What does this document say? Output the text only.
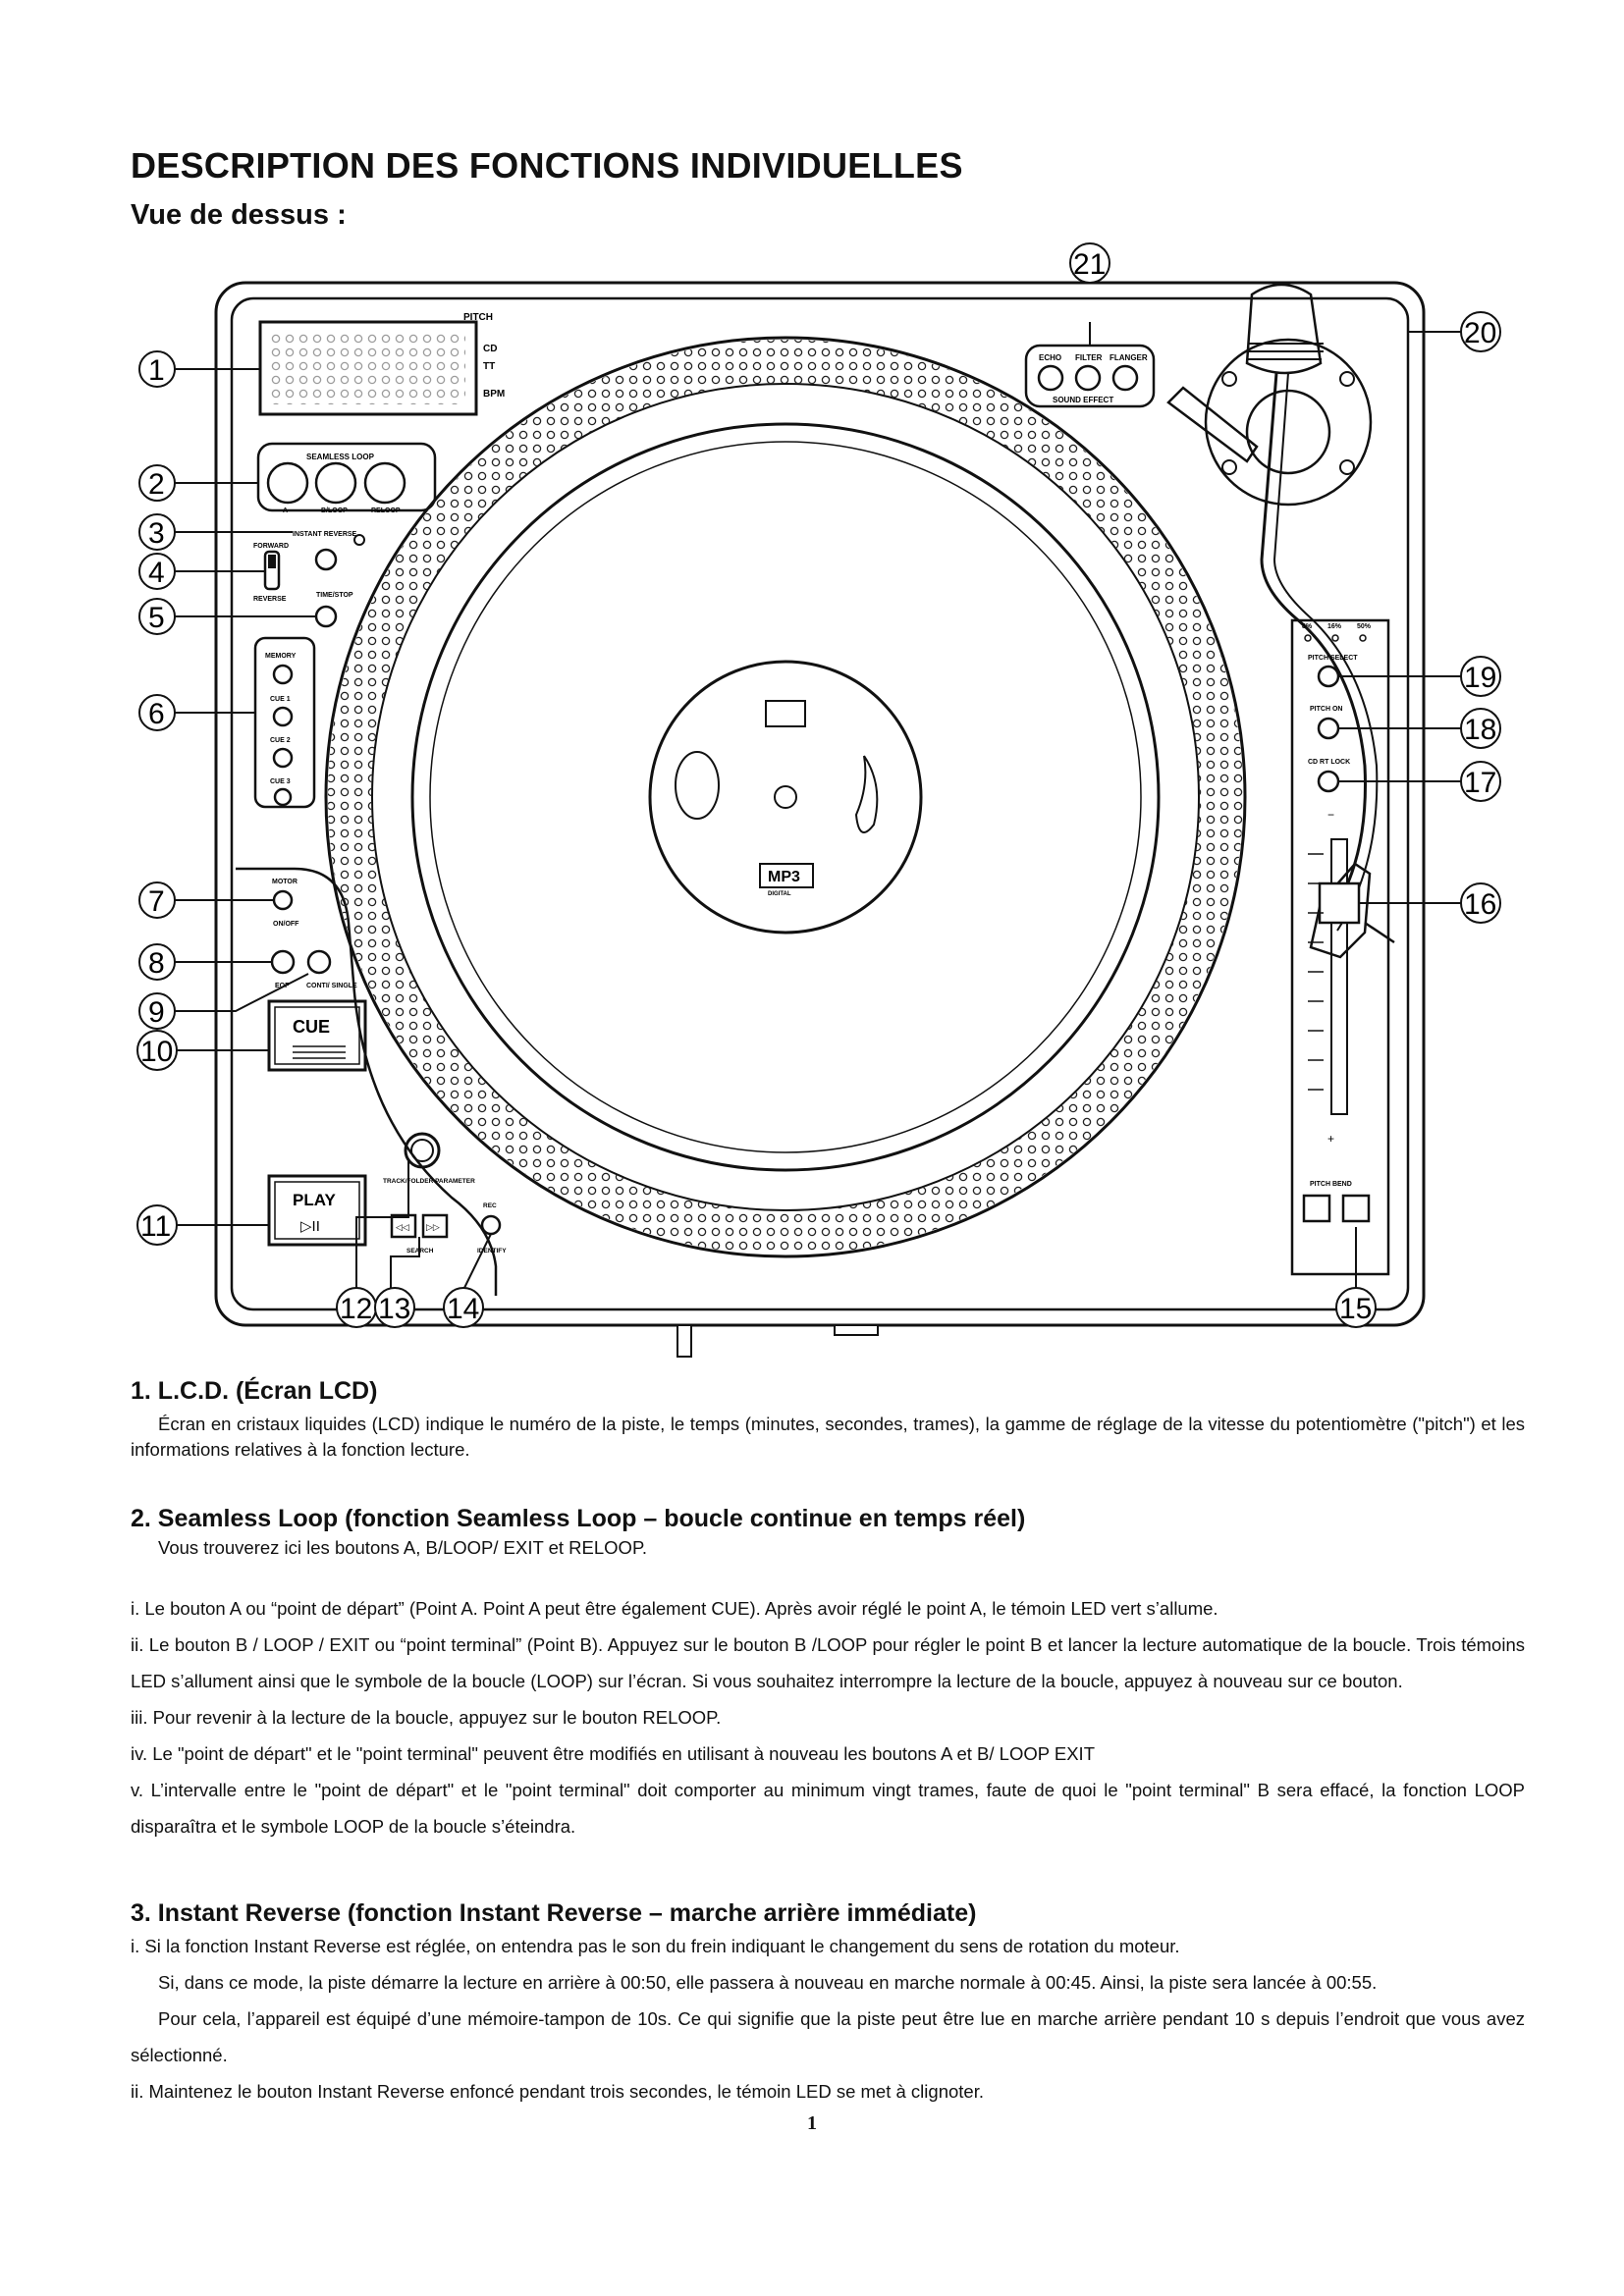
DESCRIPTION DES FONCTIONS INDIVIDUELLES
Vue de dessus :
PITCH
CD
TT
BPM
ECHO FILTER FLANGER
SOUND EFFECT
SEAMLESS LOOP
A	B/LOOP	RELOOP
FORWARD
INSTANT REVERSE
REVERSE
TIME/STOP
MEMORY
CUE 1
CUE 2
CUE 3
MOTOR
ON/OFF
EOF	CONTI/ SINGLE
CUE
PLAY
▷II
TRACK/FOLDER PARAMETER
◁◁ ▷▷
SEARCH
REC
IDENTIFY
MP3
DIGITAL
8% 16% 50%
PITCH SELECT
PITCH ON
CD RT LOCK
−
+
PITCH BEND
1
2
3
4
5
6
7
8
9
10
11
12 13 14	15
16
17
18
19
20
21

1. L.C.D. (Écran LCD)

Écran en cristaux liquides (LCD) indique le numéro de la piste, le temps (minutes, secondes, trames), la gamme de réglage de la vitesse du potentiomètre ("pitch") et les informations relatives à la fonction lecture.

2. Seamless Loop (fonction Seamless Loop – boucle continue en temps réel)

Vous trouverez ici les boutons A, B/LOOP/ EXIT et RELOOP.

i. Le bouton A ou “point de départ” (Point A. Point A peut être également CUE). Après avoir réglé le point A, le témoin LED vert s’allume.

ii. Le bouton B / LOOP / EXIT ou “point terminal” (Point B). Appuyez sur le bouton B /LOOP pour régler le point B et lancer la lecture automatique de la boucle. Trois témoins LED s’allument ainsi que le symbole de la boucle (LOOP) sur l’écran. Si vous souhaitez interrompre la lecture de la boucle, appuyez à nouveau sur ce bouton.

iii. Pour revenir à la lecture de la boucle, appuyez sur le bouton RELOOP.

iv. Le "point de départ" et le "point terminal" peuvent être modifiés en utilisant à nouveau les boutons A et B/ LOOP EXIT

v. L’intervalle entre le "point de départ" et le "point terminal" doit comporter au minimum vingt trames, faute de quoi le "point terminal" B sera effacé, la fonction LOOP disparaîtra et le symbole LOOP de la boucle s’éteindra.

3. Instant Reverse (fonction Instant Reverse – marche arrière immédiate)

i. Si la fonction Instant Reverse est réglée, on entendra pas le son du frein indiquant le changement du sens de rotation du moteur.

Si, dans ce mode, la piste démarre la lecture en arrière à 00:50, elle passera à nouveau en marche normale à 00:45. Ainsi, la piste sera lancée à 00:55.

Pour cela, l’appareil est équipé d’une mémoire-tampon de 10s. Ce qui signifie que la piste peut être lue en marche arrière pendant 10 s depuis l’endroit que vous avez sélectionné.

ii. Maintenez le bouton Instant Reverse enfoncé pendant trois secondes, le témoin LED se met à clignoter.

1
